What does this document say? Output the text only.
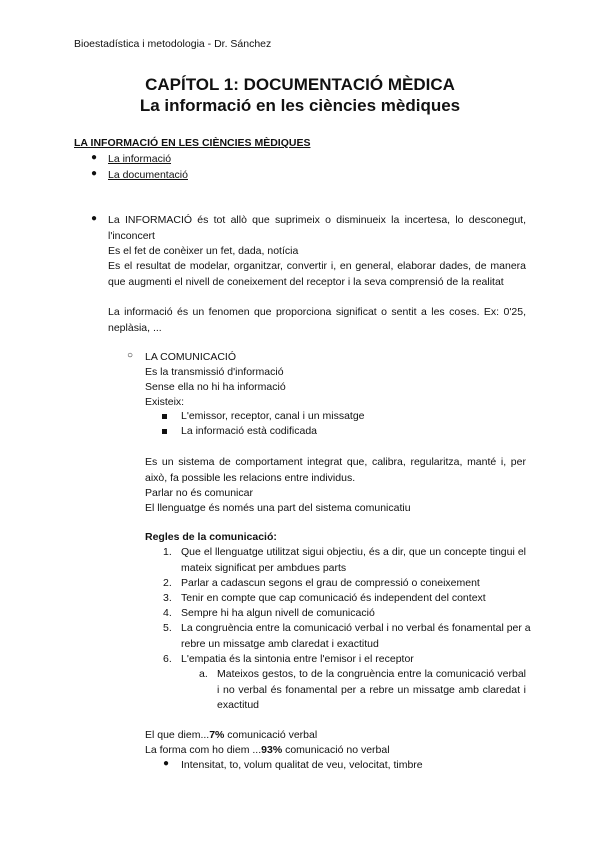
Bioestadística i metodologia - Dr. Sánchez
CAPÍTOL 1: DOCUMENTACIÓ MÈDICA
La informació en les ciències mèdiques
LA INFORMACIÓ EN LES CIÈNCIES MÈDIQUES
● La informació
● La documentació
● La INFORMACIÓ és tot allò que suprimeix o disminueix la incertesa, lo desconegut, l'inconcert
Es el fet de conèixer un fet, dada, notícia
Es el resultat de modelar, organitzar, convertir i, en general, elaborar dades, de manera que augmenti el nivell de coneixement del receptor i la seva comprensió de la realitat
La informació és un fenomen que proporciona significat o sentit a les coses. Ex: 0'25, neplàsia, ...
○ LA COMUNICACIÓ
Es la transmissió d'informació
Sense ella no hi ha informació
Existeix:
L'emissor, receptor, canal i un missatge
La informació està codificada
Es un sistema de comportament integrat que, calibra, regularitza, manté i, per això, fa possible les relacions entre individus.
Parlar no és comunicar
El llenguatge és només una part del sistema comunicatiu
Regles de la comunicació:
1. Que el llenguatge utilitzat sigui objectiu, és a dir, que un concepte tingui el mateix significat per ambdues parts
2. Parlar a cadascun segons el grau de compressió o coneixement
3. Tenir en compte que cap comunicació és independent del context
4. Sempre hi ha algun nivell de comunicació
5. La congruència entre la comunicació verbal i no verbal és fonamental per a rebre un missatge amb claredat i exactitud
6. L'empatia és la sintonia entre l'emisor i el receptor
a. Mateixos gestos, to de la congruència entre la comunicació verbal i no verbal és fonamental per a rebre un missatge amb claredat i exactitud
El que diem...7% comunicació verbal
La forma com ho diem ...93% comunicació no verbal
● Intensitat, to, volum qualitat de veu, velocitat, timbre
